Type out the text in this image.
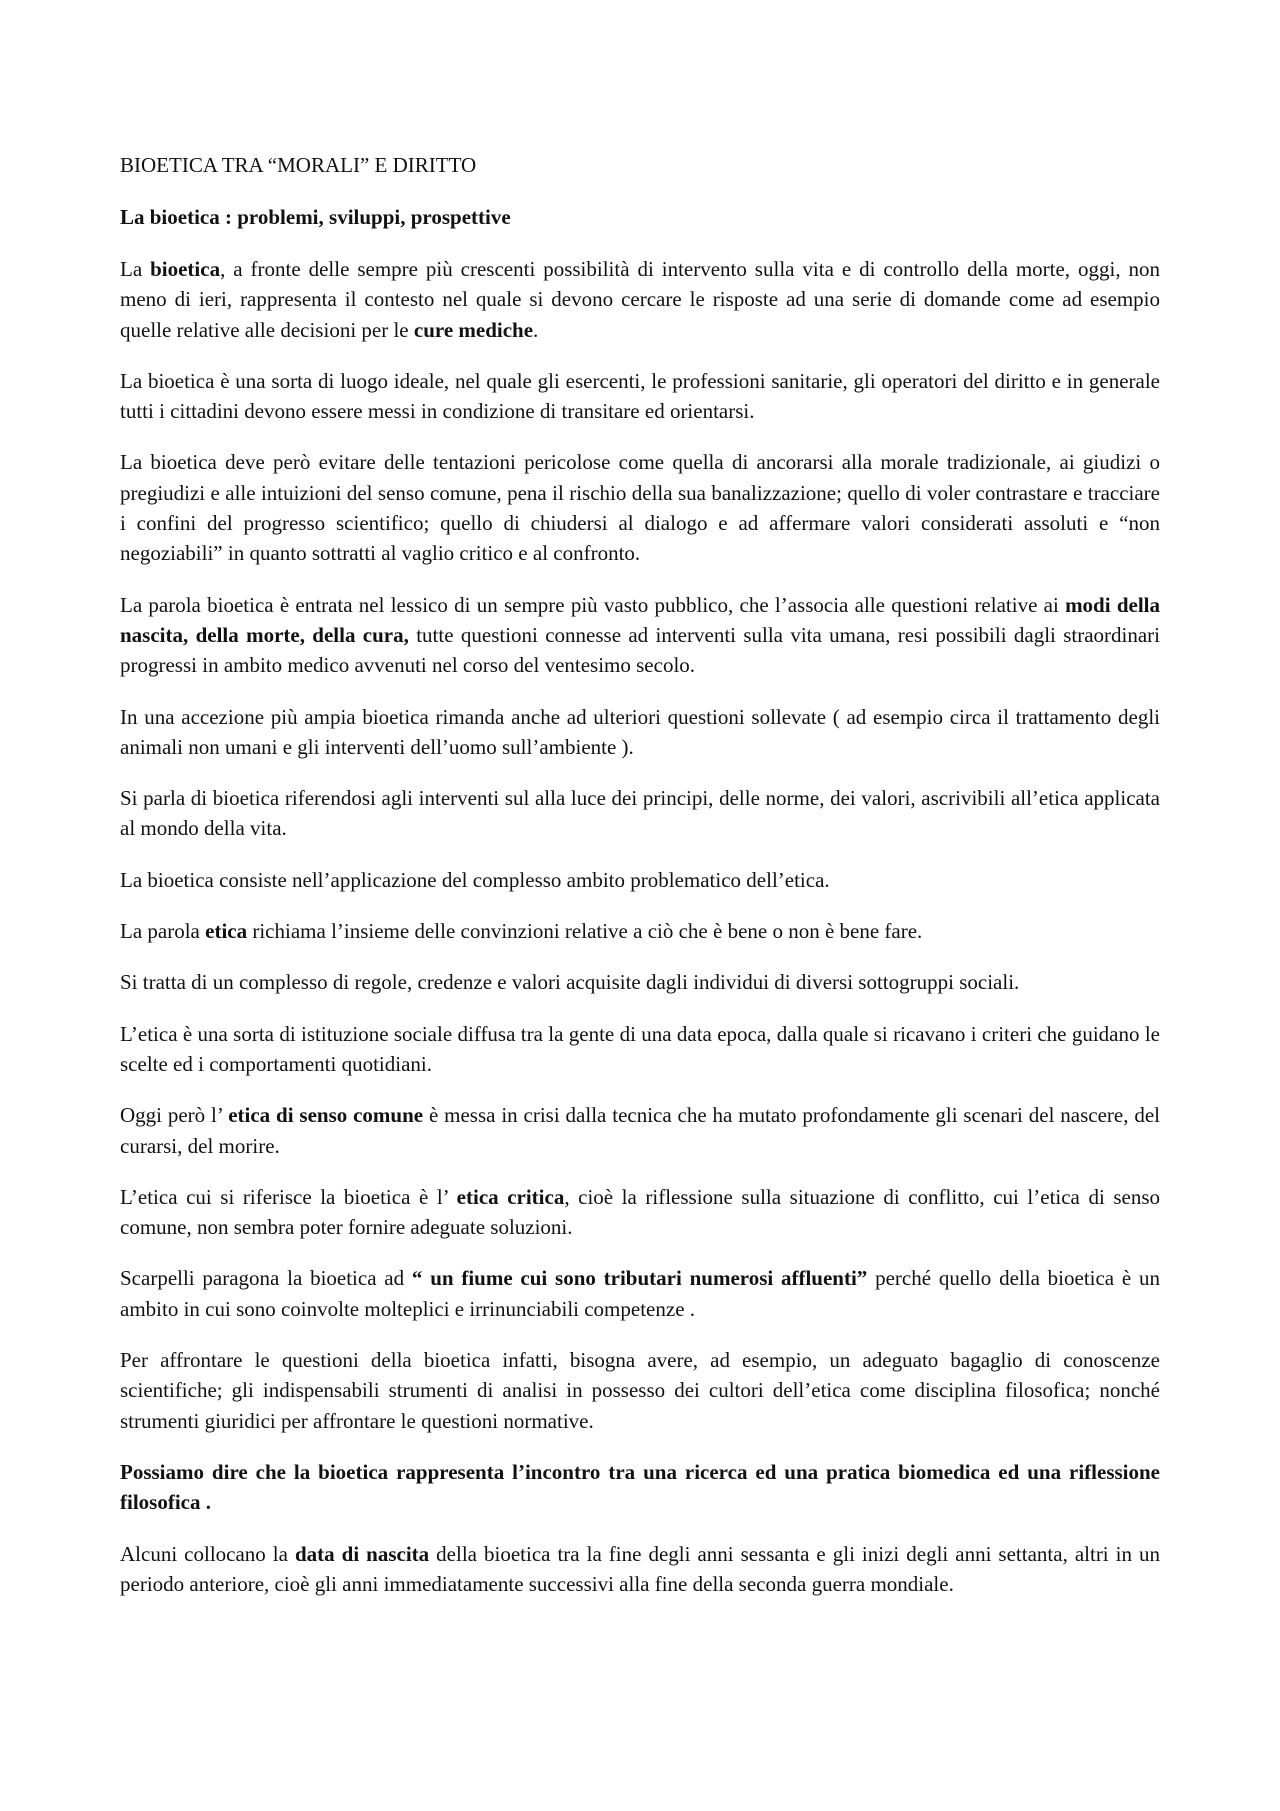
BIOETICA TRA “MORALI” E DIRITTO
La bioetica : problemi, sviluppi, prospettive

La bioetica, a fronte delle sempre più crescenti possibilità di intervento sulla vita e di controllo della morte, oggi, non meno di ieri, rappresenta il contesto nel quale si devono cercare le risposte ad una serie di domande come ad esempio quelle relative alle decisioni per le cure mediche.

La bioetica è una sorta di luogo ideale, nel quale gli esercenti, le professioni sanitarie, gli operatori del diritto e in generale tutti i cittadini devono essere messi in condizione di transitare ed orientarsi.

La bioetica deve però evitare delle tentazioni pericolose come quella di ancorarsi alla morale tradizionale, ai giudizi o pregiudizi e alle intuizioni del senso comune, pena il rischio della sua banalizzazione; quello di voler contrastare e tracciare i confini del progresso scientifico; quello di chiudersi al dialogo e ad affermare valori considerati assoluti e “non negoziabili” in quanto sottratti al vaglio critico e al confronto.

La parola bioetica è entrata nel lessico di un sempre più vasto pubblico, che l’associa alle questioni relative ai modi della nascita, della morte, della cura, tutte questioni connesse ad interventi sulla vita umana, resi possibili dagli straordinari progressi in ambito medico avvenuti nel corso del ventesimo secolo.

In una accezione più ampia bioetica rimanda anche ad ulteriori questioni sollevate ( ad esempio circa il trattamento degli animali non umani e gli interventi dell’uomo sull’ambiente ).

Si parla di bioetica riferendosi agli interventi sul alla luce dei principi, delle norme, dei valori, ascrivibili all’etica applicata al mondo della vita.

La bioetica consiste nell’applicazione del complesso ambito problematico dell’etica.

La parola etica richiama l’insieme delle convinzioni relative a ciò che è bene o non è bene fare.

Si tratta di un complesso di regole, credenze e valori acquisite dagli individui di diversi sottogruppi sociali.

L’etica è una sorta di istituzione sociale diffusa tra la gente di una data epoca, dalla quale si ricavano i criteri che guidano le scelte ed i comportamenti quotidiani.

Oggi però l’ etica di senso comune è messa in crisi dalla tecnica che ha mutato profondamente gli scenari del nascere, del curarsi, del morire.

L’etica cui si riferisce la bioetica è l’ etica critica, cioè la riflessione sulla situazione di conflitto, cui l’etica di senso comune, non sembra poter fornire adeguate soluzioni.

Scarpelli paragona la bioetica ad “ un fiume cui sono tributari numerosi affluenti” perché quello della bioetica è un ambito in cui sono coinvolte molteplici e irrinunciabili competenze .

Per affrontare le questioni della bioetica infatti, bisogna avere, ad esempio, un adeguato bagaglio di conoscenze scientifiche; gli indispensabili strumenti di analisi in possesso dei cultori dell’etica come disciplina filosofica; nonché strumenti giuridici per affrontare le questioni normative.

Possiamo dire che la bioetica rappresenta l’incontro tra una ricerca ed una pratica biomedica ed una riflessione filosofica .

Alcuni collocano la data di nascita della bioetica tra la fine degli anni sessanta e gli inizi degli anni settanta, altri in un periodo anteriore, cioè gli anni immediatamente successivi alla fine della seconda guerra mondiale.
